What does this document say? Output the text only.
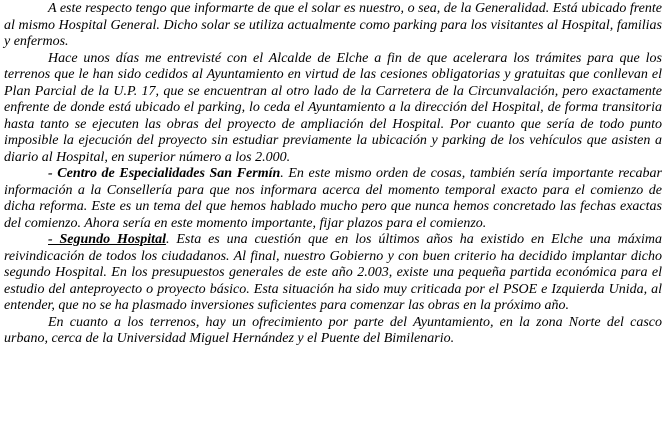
A este respecto tengo que informarte de que el solar es nuestro, o sea, de la Generalidad. Está ubicado frente al mismo Hospital General. Dicho solar se utiliza actualmente como parking para los visitantes al Hospital, familias y enfermos.

Hace unos días me entrevisté con el Alcalde de Elche a fin de que acelerara los trámites para que los terrenos que le han sido cedidos al Ayuntamiento en virtud de las cesiones obligatorias y gratuitas que conllevan el Plan Parcial de la U.P. 17, que se encuentran al otro lado de la Carretera de la Circunvalación, pero exactamente enfrente de donde está ubicado el parking, lo ceda el Ayuntamiento a la dirección del Hospital, de forma transitoria hasta tanto se ejecuten las obras del proyecto de ampliación del Hospital. Por cuanto que sería de todo punto imposible la ejecución del proyecto sin estudiar previamente la ubicación y parking de los vehículos que asisten a diario al Hospital, en superior número a los 2.000.

- Centro de Especialidades San Fermín. En este mismo orden de cosas, también sería importante recabar información a la Consellería para que nos informara acerca del momento temporal exacto para el comienzo de dicha reforma. Este es un tema del que hemos hablado mucho pero que nunca hemos concretado las fechas exactas del comienzo. Ahora sería en este momento importante, fijar plazos para el comienzo.

- Segundo Hospital. Esta es una cuestión que en los últimos años ha existido en Elche una máxima reivindicación de todos los ciudadanos. Al final, nuestro Gobierno y con buen criterio ha decidido implantar dicho segundo Hospital. En los presupuestos generales de este año 2.003, existe una pequeña partida económica para el estudio del anteproyecto o proyecto básico. Esta situación ha sido muy criticada por el PSOE e Izquierda Unida, al entender, que no se ha plasmado inversiones suficientes para comenzar las obras en la próximo año.

En cuanto a los terrenos, hay un ofrecimiento por parte del Ayuntamiento, en la zona Norte del casco urbano, cerca de la Universidad Miguel Hernández y el Puente del Bimilenario.
